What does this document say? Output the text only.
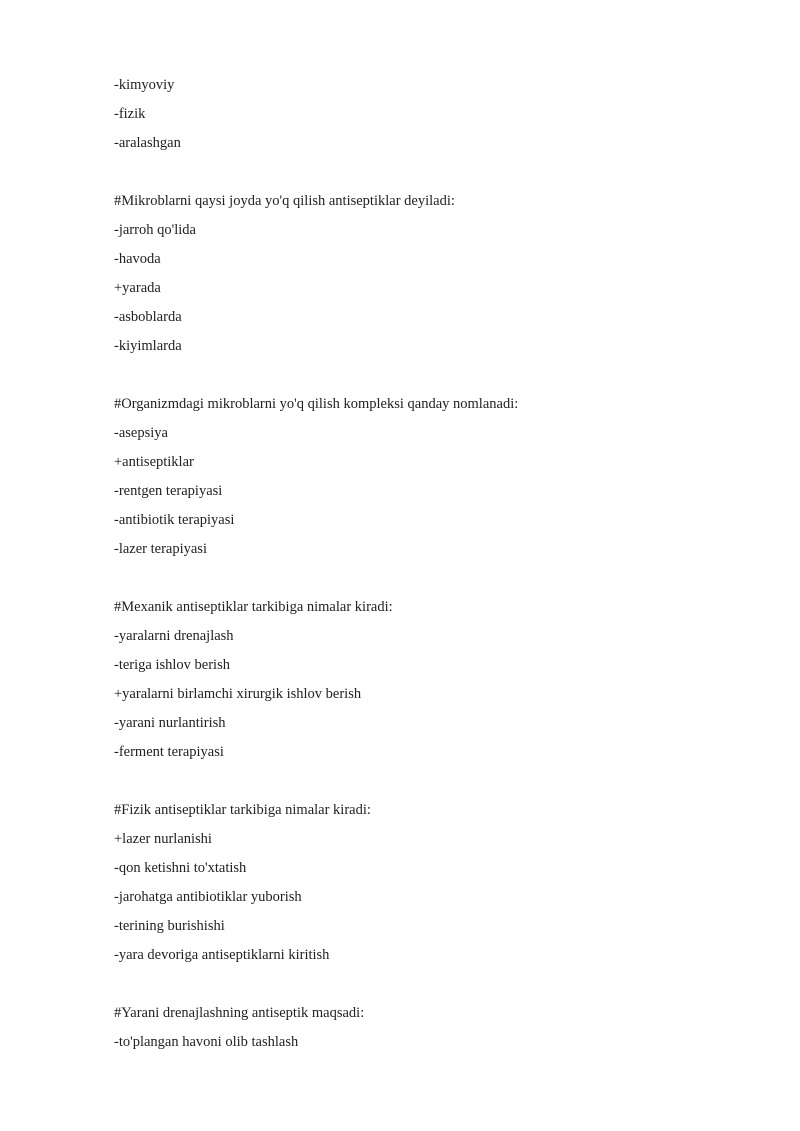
-kimyoviy
-fizik
-aralashgan
#Mikroblarni qaysi joyda yo'q qilish antiseptiklar deyiladi:
-jarroh qo'lida
-havoda
+yarada
-asboblarda
-kiyimlarda
#Organizmdagi mikroblarni yo'q qilish kompleksi qanday nomlanadi:
-asepsiya
+antiseptiklar
-rentgen terapiyasi
-antibiotik terapiyasi
-lazer terapiyasi
#Mexanik antiseptiklar tarkibiga nimalar kiradi:
-yaralarni drenajlash
-teriga ishlov berish
+yaralarni birlamchi xirurgik ishlov berish
-yarani nurlantirish
-ferment terapiyasi
#Fizik antiseptiklar tarkibiga nimalar kiradi:
+lazer nurlanishi
-qon ketishni to'xtatish
-jarohatga antibiotiklar yuborish
-terining burishishi
-yara devoriga antiseptiklarni kiritish
#Yarani drenajlashning antiseptik maqsadi:
-to'plangan havoni olib tashlash
